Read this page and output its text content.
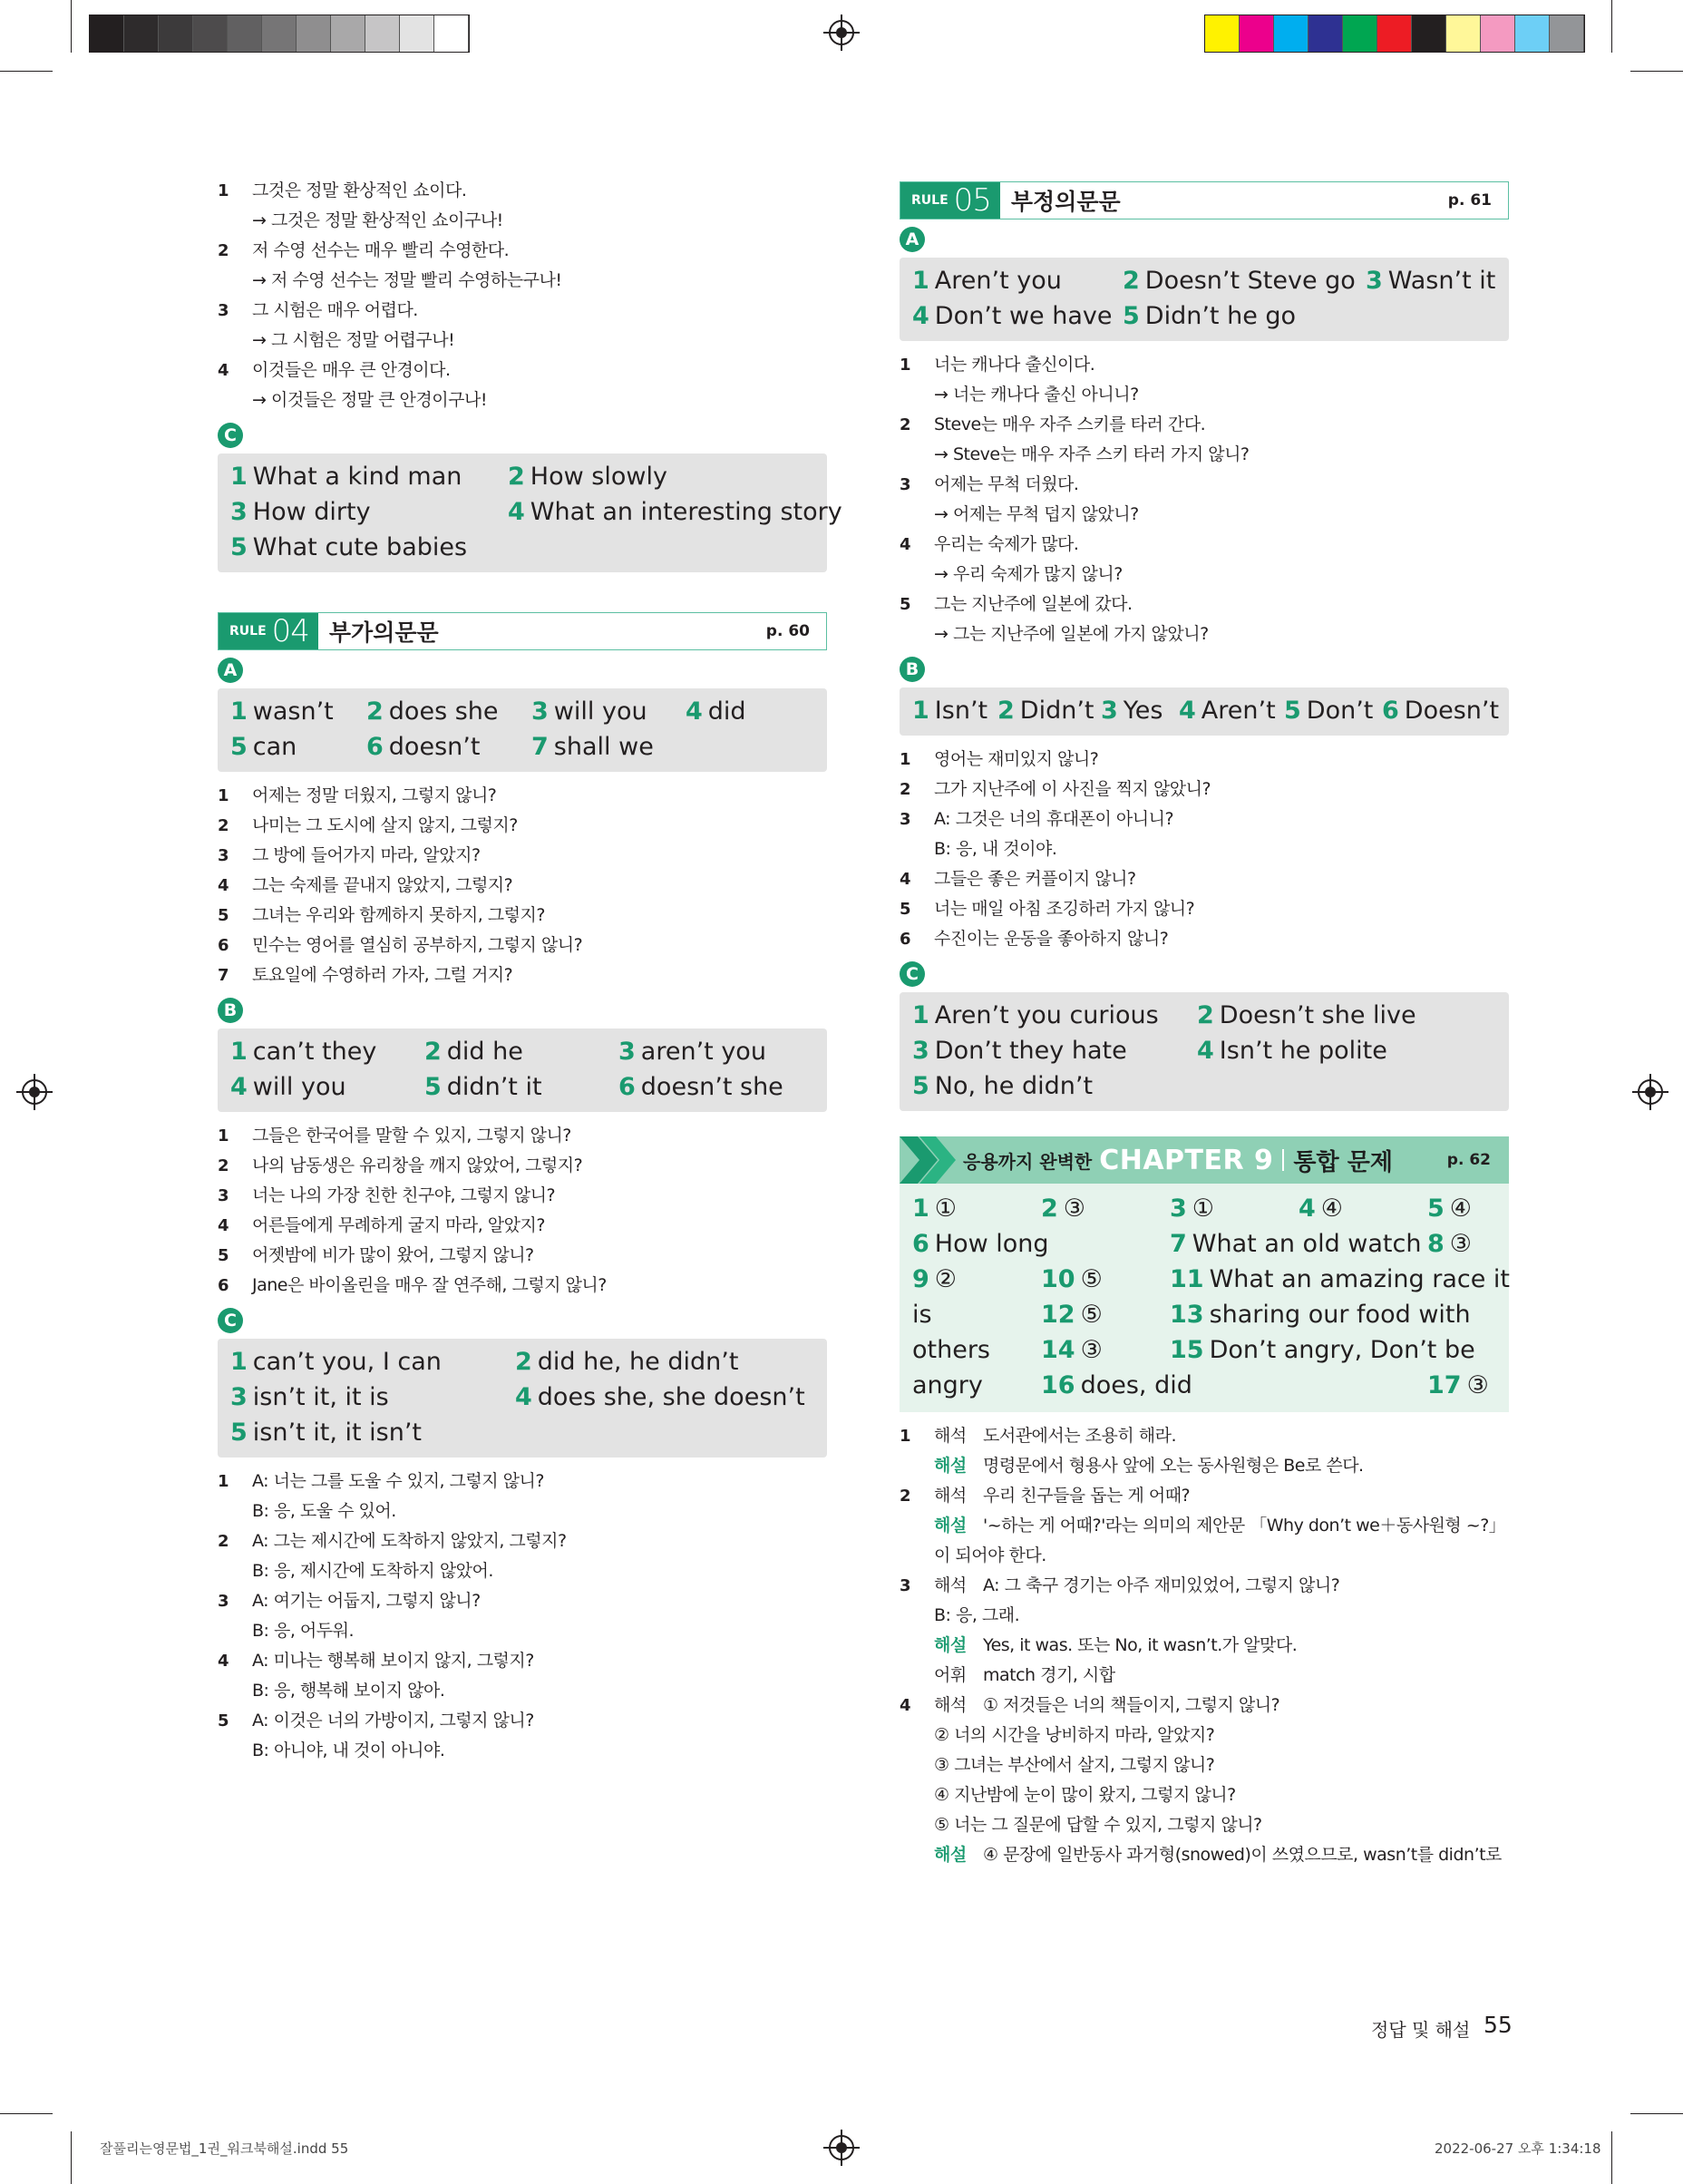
잘풀리는영문법_1권_워크북해설.indd 55	2022-06-27 오후 1:34:18
1 그것은 정말 환상적인 쇼이다.
→ 그것은 정말 환상적인 쇼이구나!
2 저 수영 선수는 매우 빨리 수영한다.
→ 저 수영 선수는 정말 빨리 수영하는구나!
3 그 시험은 매우 어렵다.
→ 그 시험은 정말 어렵구나!
4 이것들은 매우 큰 안경이다.
→ 이것들은 정말 큰 안경이구나!
C
1 What a kind man	2 How slowly
3 How dirty	4 What an interesting story
5 What cute babies
RULE 04 부가의문문	p. 60
A
1 wasn’t	2 does she	3 will you	4 did
5 can	6 doesn’t	7 shall we
1 어제는 정말 더웠지, 그렇지 않니?
2 나미는 그 도시에 살지 않지, 그렇지?
3 그 방에 들어가지 마라, 알았지?
4 그는 숙제를 끝내지 않았지, 그렇지?
5 그녀는 우리와 함께하지 못하지, 그렇지?
6 민수는 영어를 열심히 공부하지, 그렇지 않니?
7 토요일에 수영하러 가자, 그럴 거지?
B
1 can’t they	2 did he	3 aren’t you
4 will you	5 didn’t it	6 doesn’t she
1 그들은 한국어를 말할 수 있지, 그렇지 않니?
2 나의 남동생은 유리창을 깨지 않았어, 그렇지?
3 너는 나의 가장 친한 친구야, 그렇지 않니?
4 어른들에게 무례하게 굴지 마라, 알았지?
5 어젯밤에 비가 많이 왔어, 그렇지 않니?
6 Jane은 바이올린을 매우 잘 연주해, 그렇지 않니?
C
1 can’t you, I can	2 did he, he didn’t
3 isn’t it, it is	4 does she, she doesn’t
5 isn’t it, it isn’t
1 A: 너는 그를 도울 수 있지, 그렇지 않니?
B: 응, 도울 수 있어.
2 A: 그는 제시간에 도착하지 않았지, 그렇지?
B: 응, 제시간에 도착하지 않았어.
3 A: 여기는 어둡지, 그렇지 않니?
B: 응, 어두워.
4 A: 미나는 행복해 보이지 않지, 그렇지?
B: 응, 행복해 보이지 않아.
5 A: 이것은 너의 가방이지, 그렇지 않니?
B: 아니야, 내 것이 아니야.
RULE 05 부정의문문	p. 61
A
1 Aren’t you	2 Doesn’t Steve go 3 Wasn’t it
4 Don’t we have 5 Didn’t he go
1 너는 캐나다 출신이다.
→ 너는 캐나다 출신 아니니?
2 Steve는 매우 자주 스키를 타러 간다.
→ Steve는 매우 자주 스키 타러 가지 않니?
3 어제는 무척 더웠다.
→ 어제는 무척 덥지 않았니?
4 우리는 숙제가 많다.
→ 우리 숙제가 많지 않니?
5 그는 지난주에 일본에 갔다.
→ 그는 지난주에 일본에 가지 않았니?
B
1 Isn’t 2 Didn’t 3 Yes 4 Aren’t 5 Don’t 6 Doesn’t
1 영어는 재미있지 않니?
2 그가 지난주에 이 사진을 찍지 않았니?
3 A: 그것은 너의 휴대폰이 아니니?
B: 응, 내 것이야.
4 그들은 좋은 커플이지 않니?
5 너는 매일 아침 조깅하러 가지 않니?
6 수진이는 운동을 좋아하지 않니?
C
1 Aren’t you curious	2 Doesn’t she live
3 Don’t they hate	4 Isn’t he polite
5 No, he didn’t
응용까지 완벽한 CHAPTER 9 통합 문제	p. 62
1 ①	2 ③	3 ①	4 ④	5 ④
6 How long	7 What an old watch 8 ③
9 ②	10 ⑤	11 What an amazing race it
is	12 ⑤	13 sharing our food with
others	14 ③	15 Don’t angry, Don’t be
angry	16 does, did	17 ③
1 해석 도서관에서는 조용히 해라.
해설 명령문에서 형용사 앞에 오는 동사원형은 Be로 쓴다.
2 해석 우리 친구들을 돕는 게 어때?
해설 '~하는 게 어때?'라는 의미의 제안문 「Why don’t we＋동사원형 ~?」
이 되어야 한다.
3 해석 A: 그 축구 경기는 아주 재미있었어, 그렇지 않니?
B: 응, 그래.
해설 Yes, it was. 또는 No, it wasn’t.가 알맞다.
어휘 match 경기, 시합
4 해석 ① 저것들은 너의 책들이지, 그렇지 않니?
② 너의 시간을 낭비하지 마라, 알았지?
③ 그녀는 부산에서 살지, 그렇지 않니?
④ 지난밤에 눈이 많이 왔지, 그렇지 않니?
⑤ 너는 그 질문에 답할 수 있지, 그렇지 않니?
해설 ④ 문장에 일반동사 과거형(snowed)이 쓰였으므로, wasn’t를 didn’t로
정답 및 해설 55
